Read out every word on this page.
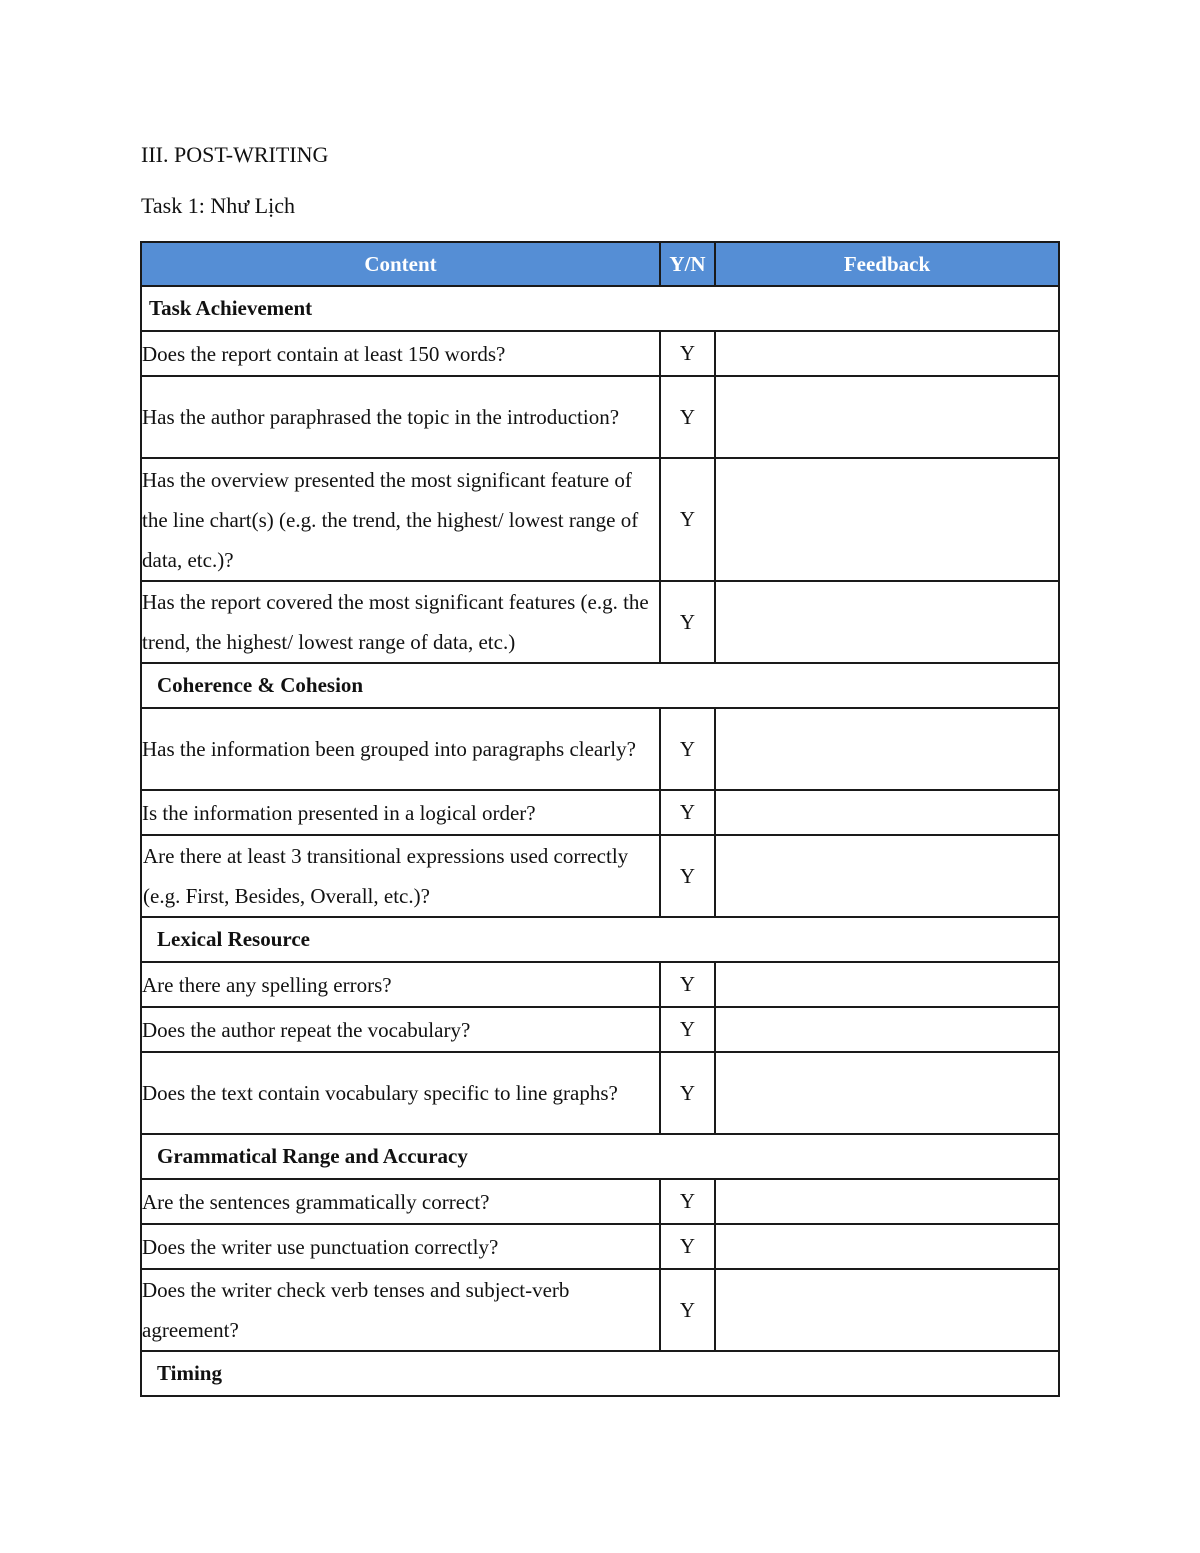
III. POST-WRITING
Task 1: Như Lịch
Content	Y/N	Feedback
Task Achievement		
Does the report contain at least 150 words?	Y	
Has the author paraphrased the topic in the introduction?	Y	
Has the overview presented the most significant feature of the line chart(s) (e.g. the trend, the highest/ lowest range of data, etc.)?	Y	
Has the report covered the most significant features (e.g. the trend, the highest/ lowest range of data, etc.)	Y	
Coherence & Cohesion		
Has the information been grouped into paragraphs clearly?	Y	
Is the information presented in a logical order?	Y	
Are there at least 3 transitional expressions used correctly (e.g. First, Besides, Overall, etc.)?	Y	
Lexical Resource		
Are there any spelling errors?	Y	
Does the author repeat the vocabulary?	Y	
Does the text contain vocabulary specific to line graphs?	Y	
Grammatical Range and Accuracy		
Are the sentences grammatically correct?	Y	
Does the writer use punctuation correctly?	Y	
Does the writer check verb tenses and subject-verb agreement?	Y	
Timing		
